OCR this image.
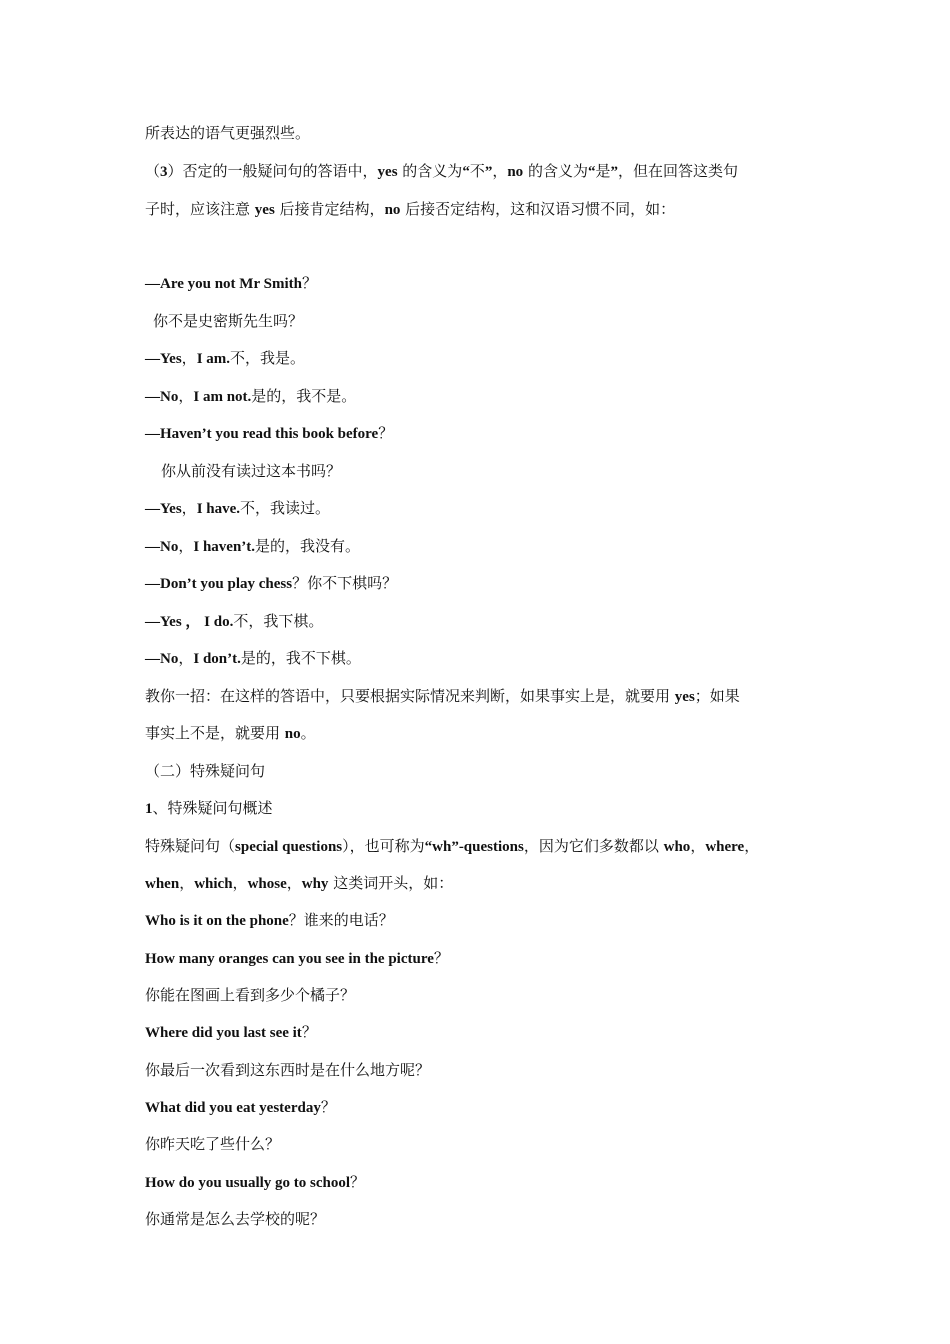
所表达的语气更强烈些。
（3）否定的一般疑问句的答语中，yes 的含义为“不”，no 的含义为“是”，但在回答这类句
子时，应该注意 yes 后接肯定结构，no 后接否定结构，这和汉语习惯不同，如：
—Are you not Mr Smith？
你不是史密斯先生吗？
—Yes，I am.不，我是。
—No，I am not.是的，我不是。
—Haven’t you read this book before？
你从前没有读过这本书吗？
—Yes，I have.不，我读过。
—No，I haven’t.是的，我没有。
—Don’t you play chess？你不下棋吗？
—Yes ， I do.不，我下棋。
—No，I don’t.是的，我不下棋。
教你一招：在这样的答语中，只要根据实际情况来判断，如果事实上是，就要用 yes；如果
事实上不是，就要用 no。
（二）特殊疑问句
1、特殊疑问句概述
特殊疑问句（special questions），也可称为“wh”-questions，因为它们多数都以 who，where，
when，which，whose，why 这类词开头，如：
Who is it on the phone？谁来的电话？
How many oranges can you see in the picture？
你能在图画上看到多少个橘子？
Where did you last see it？
你最后一次看到这东西时是在什么地方呢？
What did you eat yesterday？
你昨天吃了些什么？
How do you usually go to school？
你通常是怎么去学校的呢？
